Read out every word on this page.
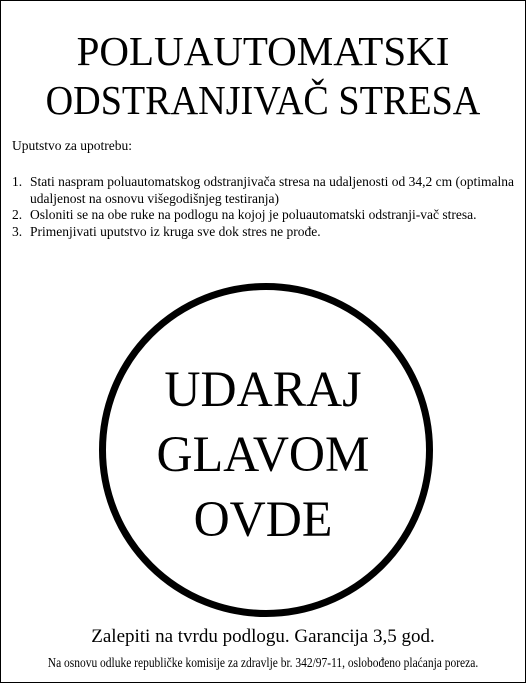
POLUAUTOMATSKI
ODSTRANJIVAČ STRESA
Uputstvo za upotrebu:
1. Stati naspram poluautomatskog odstranjivača stresa na udaljenosti od 34,2 cm (optimalna udaljenost na osnovu višegodišnjeg testiranja)
2. Osloniti se na obe ruke na podlogu na kojoj je poluautomatski odstranji-vač stresa.
3. Primenjivati uputstvo iz kruga sve dok stres ne prođe.
UDARAJ
GLAVOM
OVDE
Zalepiti na tvrdu podlogu. Garancija 3,5 god.
Na osnovu odluke republičke komisije za zdravlje br. 342/97-11, oslobođeno plaćanja poreza.
